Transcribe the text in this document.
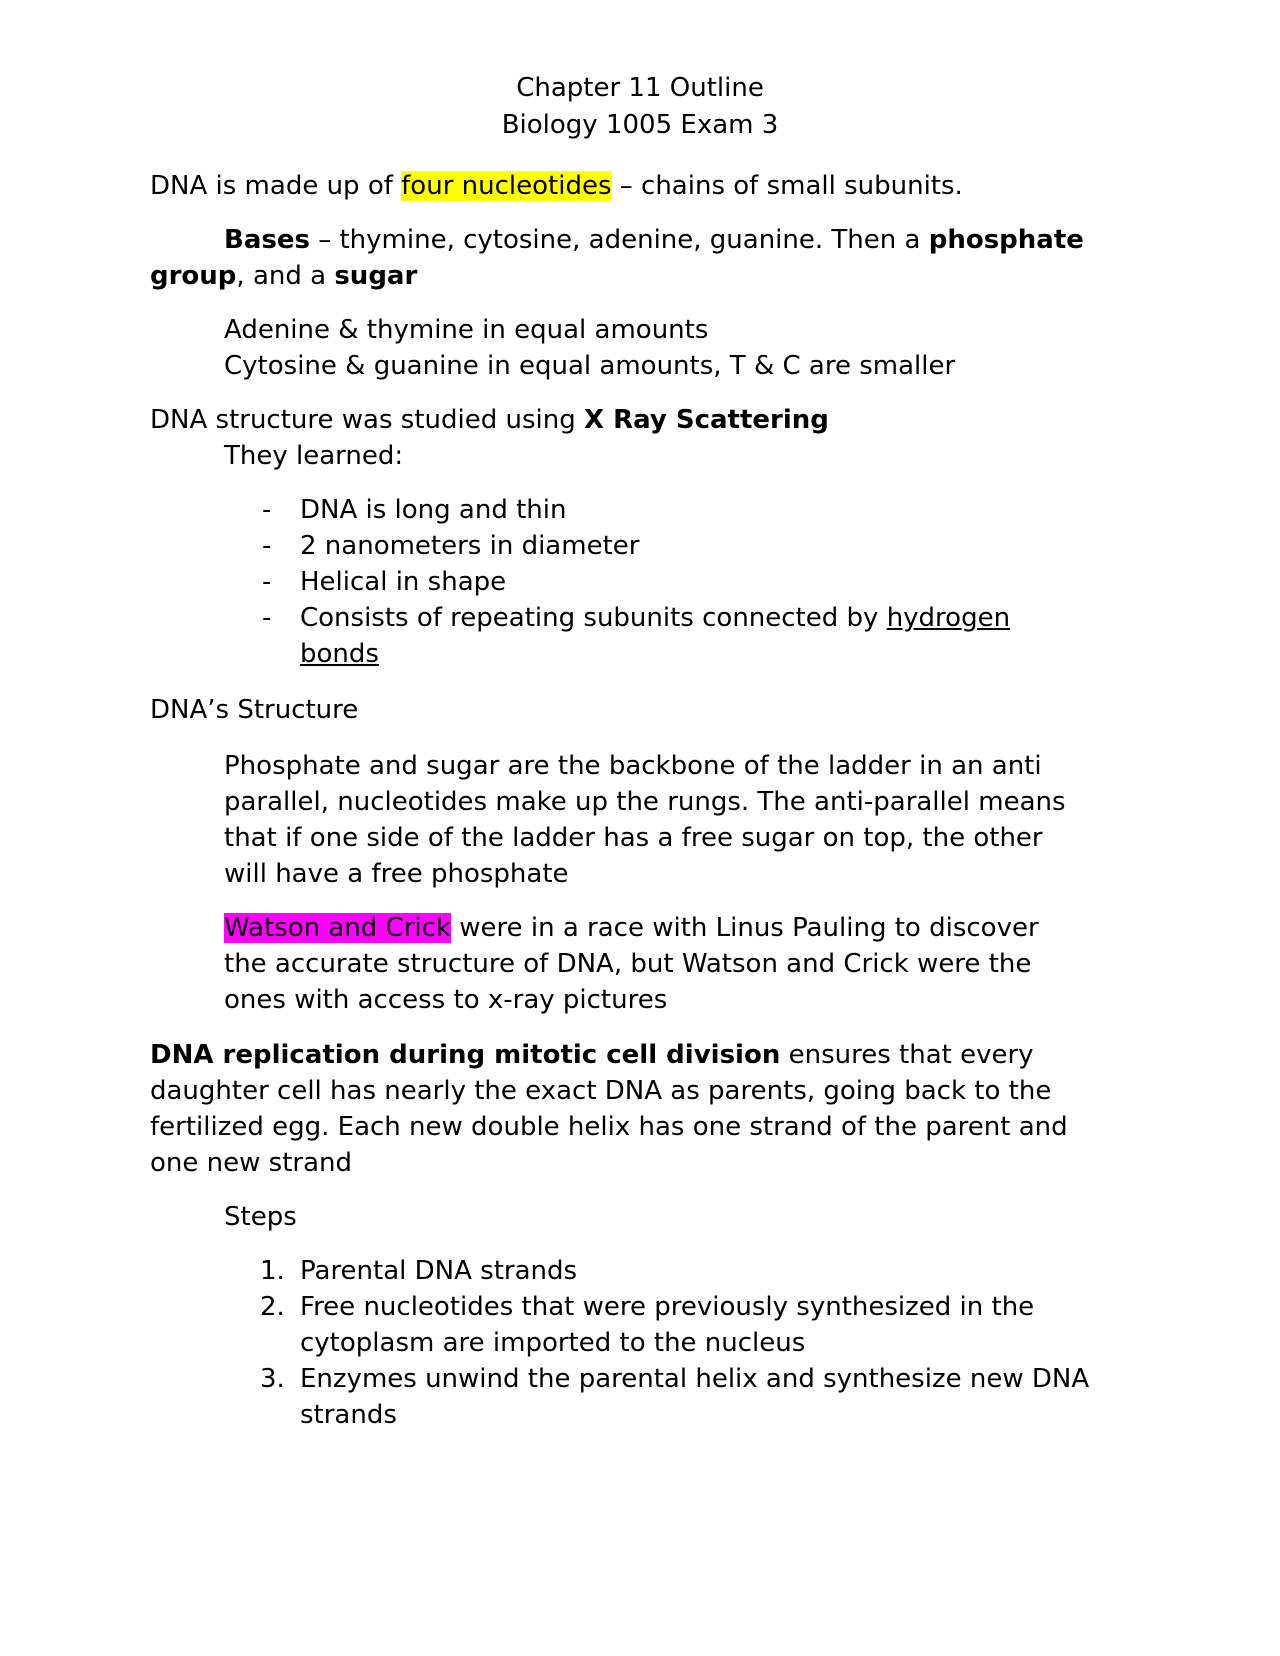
Chapter 11 Outline

Biology 1005 Exam 3

DNA is made up of four nucleotides – chains of small subunits.

Bases – thymine, cytosine, adenine, guanine. Then a phosphate
group, and a sugar

Adenine & thymine in equal amounts
Cytosine & guanine in equal amounts, T & C are smaller

DNA structure was studied using X Ray Scattering

They learned:

- DNA is long and thin
- 2 nanometers in diameter
- Helical in shape
- Consists of repeating subunits connected by hydrogen
bonds

DNA’s Structure

Phosphate and sugar are the backbone of the ladder in an anti
parallel, nucleotides make up the rungs. The anti-parallel means
that if one side of the ladder has a free sugar on top, the other
will have a free phosphate

Watson and Crick were in a race with Linus Pauling to discover
the accurate structure of DNA, but Watson and Crick were the
ones with access to x-ray pictures

DNA replication during mitotic cell division ensures that every
daughter cell has nearly the exact DNA as parents, going back to the
fertilized egg. Each new double helix has one strand of the parent and
one new strand

Steps

1. Parental DNA strands
2. Free nucleotides that were previously synthesized in the
cytoplasm are imported to the nucleus
3. Enzymes unwind the parental helix and synthesize new DNA
strands
